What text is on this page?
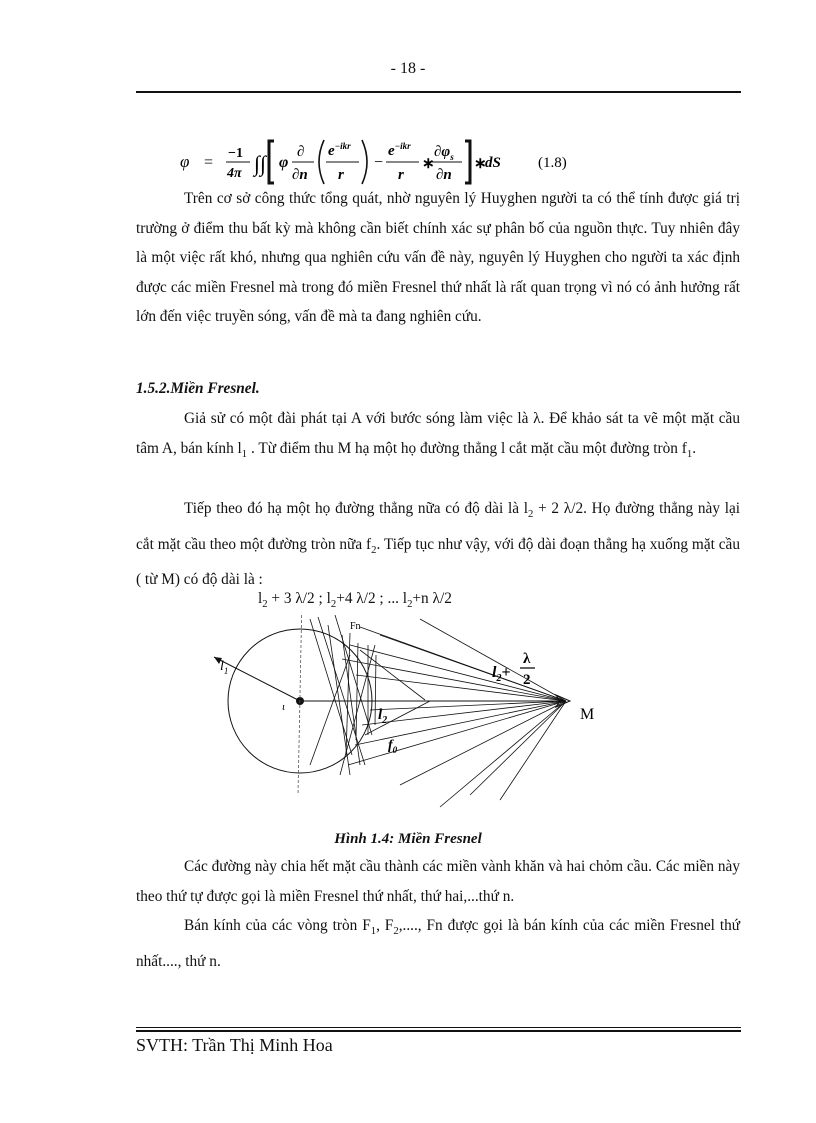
- 18 -
φ =
−1
4π ∫∫ φ
∂
∂n
$e^{-ikr}$
r
−
$e^{-ikr}$
r
∗
$\partial\varphi_s$
∂n
∗
dS (1.8)

Trên cơ sở công thức tổng quát, nhờ nguyên lý Huyghen người ta có thể tính được giá trị trường ở điểm thu bất kỳ mà không cần biết chính xác sự phân bố của nguồn thực. Tuy nhiên đây là một việc rất khó, nhưng qua nghiên cứu vấn đề này, nguyên lý Huyghen cho người ta xác định được các miền Fresnel mà trong đó miền Fresnel thứ nhất là rất quan trọng vì nó có ảnh hưởng rất lớn đến việc truyền sóng, vấn đề mà ta đang nghiên cứu.

1.5.2.Miền Fresnel.

Giả sử có một đài phát tại A với bước sóng làm việc là λ. Để khảo sát ta vẽ một mặt cầu tâm A, bán kính $l_1$ . Từ điểm thu M hạ một họ đường thẳng l cắt mặt cầu một đường tròn $f_1$.

Tiếp theo đó hạ một họ đường thẳng nữa có độ dài là $l_2 + 2$ λ/2. Họ đường thẳng này lại cắt mặt cầu theo một đường tròn nữa $f_2$. Tiếp tục như vậy, với độ dài đoạn thẳng hạ xuống mặt cầu ( từ M) có độ dài là :

$l_2 + 3$ λ/2 ; $l_2+4$ λ/2 ; ... $l_2+n$ λ/2
Fn
$l_1$
ι	$l_2$
$f_0$
$l_2+$
λ
2
M
Hình 1.4: Miền Fresnel

Các đường này chia hết mặt cầu thành các miền vành khăn và hai chỏm cầu. Các miền này theo thứ tự được gọi là miền Fresnel thứ nhất, thứ hai,...thứ n.

Bán kính của các vòng tròn $F_1$, $F_2$,...., Fn được gọi là bán kính của các miền Fresnel thứ nhất...., thứ n.

SVTH: Trần Thị Minh Hoa
